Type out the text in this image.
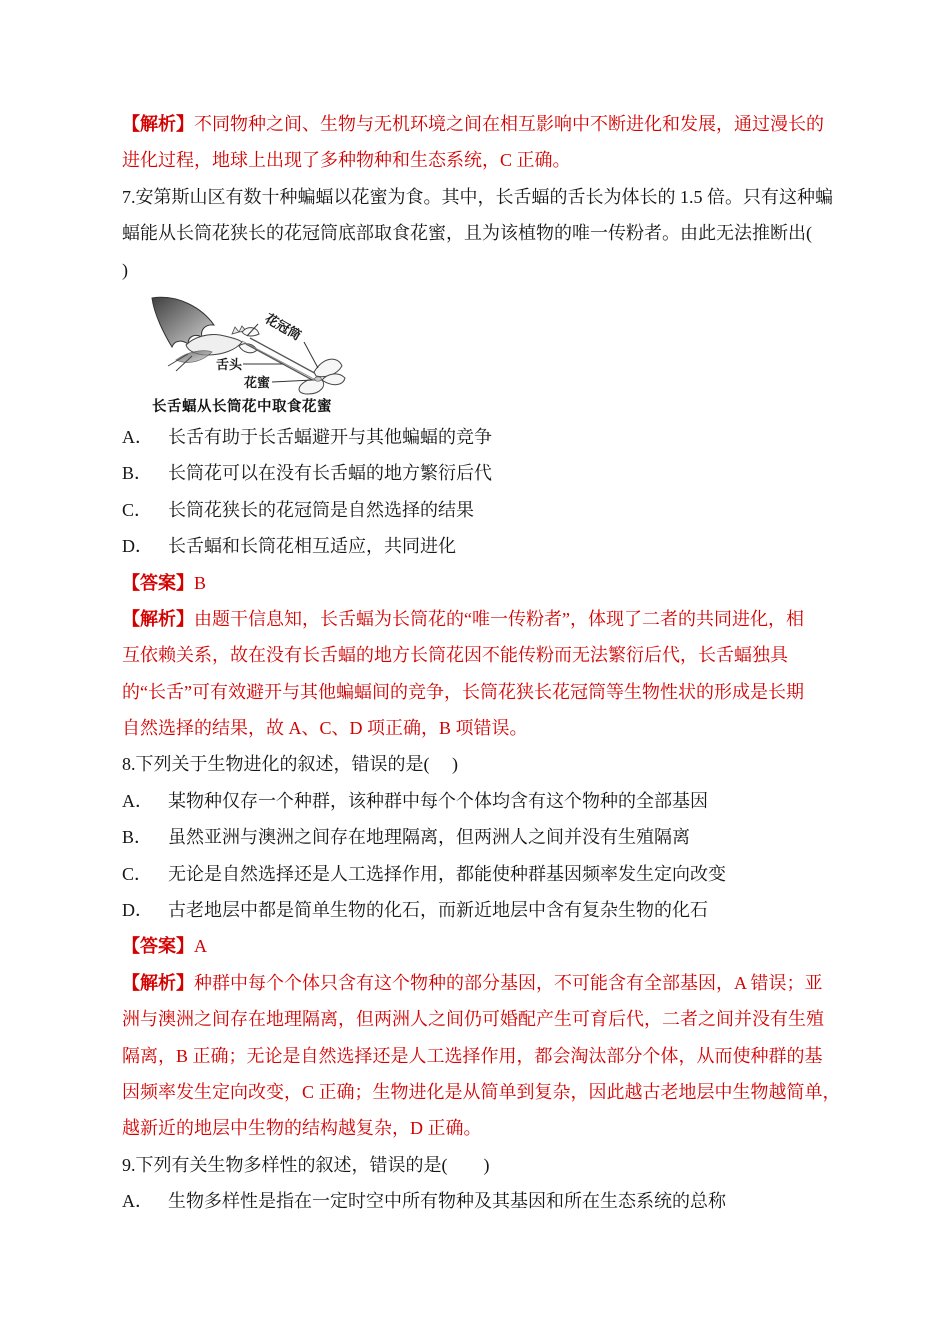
【解析】不同物种之间、生物与无机环境之间在相互影响中不断进化和发展，通过漫长的

进化过程，地球上出现了多种物种和生态系统，C 正确。

7.安第斯山区有数十种蝙蝠以花蜜为食。其中，长舌蝠的舌长为体长的 1.5 倍。只有这种蝙

蝠能从长筒花狭长的花冠筒底部取食花蜜，且为该植物的唯一传粉者。由此无法推断出(

)

花冠筒
舌头
花蜜
长舌蝠从长筒花中取食花蜜

A． 长舌有助于长舌蝠避开与其他蝙蝠的竞争

B． 长筒花可以在没有长舌蝠的地方繁衍后代

C． 长筒花狭长的花冠筒是自然选择的结果

D． 长舌蝠和长筒花相互适应，共同进化

【答案】B

【解析】由题干信息知，长舌蝠为长筒花的“唯一传粉者”，体现了二者的共同进化，相

互依赖关系，故在没有长舌蝠的地方长筒花因不能传粉而无法繁衍后代，长舌蝠独具

的“长舌”可有效避开与其他蝙蝠间的竞争，长筒花狭长花冠筒等生物性状的形成是长期

自然选择的结果，故 A、C、D 项正确，B 项错误。

8.下列关于生物进化的叙述，错误的是(　 )

A． 某物种仅存一个种群，该种群中每个个体均含有这个物种的全部基因

B． 虽然亚洲与澳洲之间存在地理隔离，但两洲人之间并没有生殖隔离

C． 无论是自然选择还是人工选择作用，都能使种群基因频率发生定向改变

D． 古老地层中都是简单生物的化石，而新近地层中含有复杂生物的化石

【答案】A

【解析】种群中每个个体只含有这个物种的部分基因，不可能含有全部基因，A 错误；亚

洲与澳洲之间存在地理隔离，但两洲人之间仍可婚配产生可育后代，二者之间并没有生殖

隔离，B 正确；无论是自然选择还是人工选择作用，都会淘汰部分个体，从而使种群的基

因频率发生定向改变，C 正确；生物进化是从简单到复杂，因此越古老地层中生物越简单，

越新近的地层中生物的结构越复杂，D 正确。

9.下列有关生物多样性的叙述，错误的是(　　)

A． 生物多样性是指在一定时空中所有物种及其基因和所在生态系统的总称
